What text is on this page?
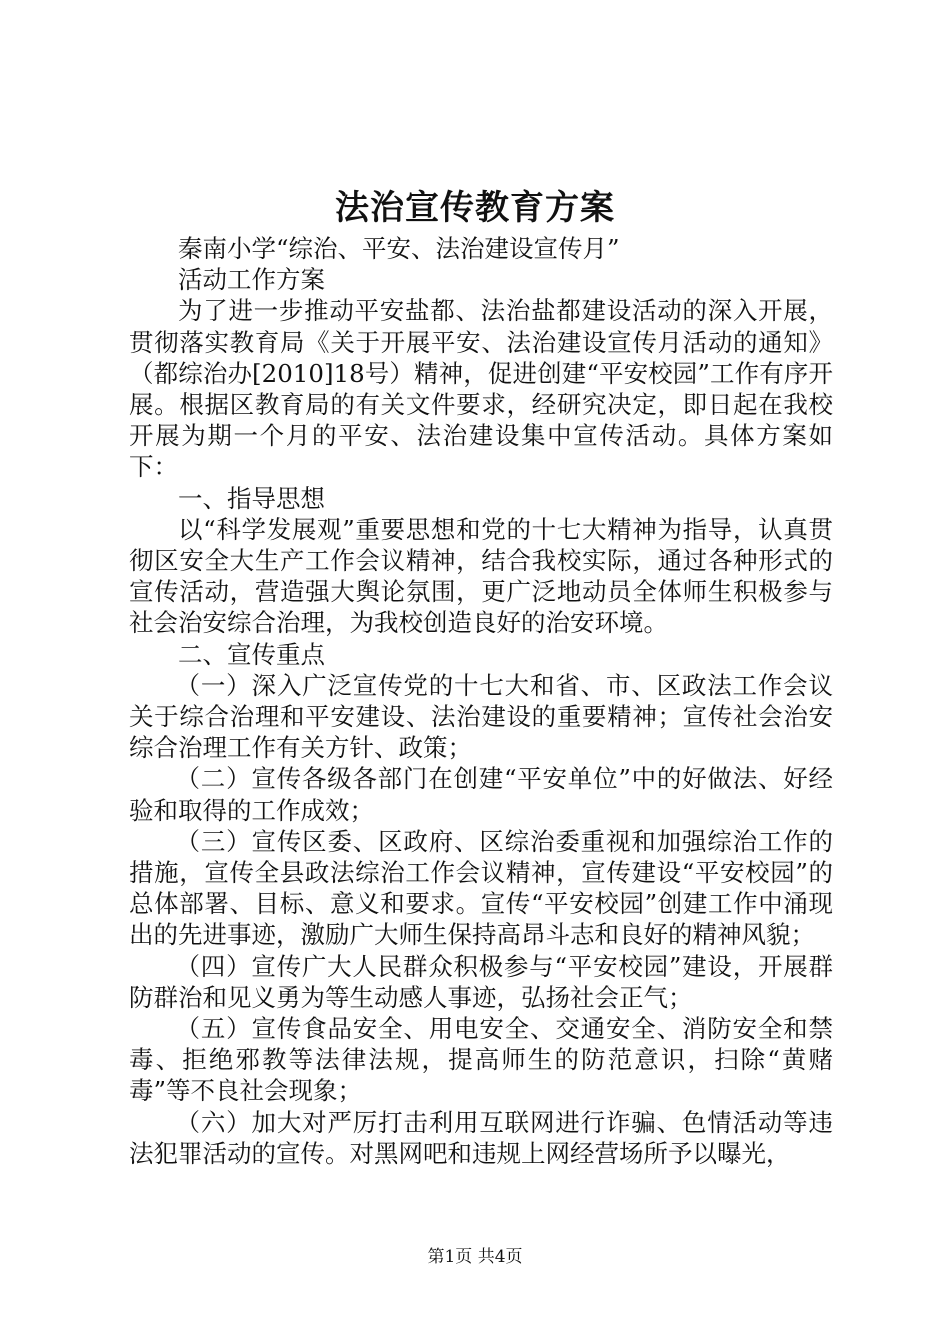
法治宣传教育方案

秦南小学“综治、平安、法治建设宣传月”

活动工作方案

为了进一步推动平安盐都、法治盐都建设活动的深入开展，贯彻落实教育局《关于开展平安、法治建设宣传月活动的通知》（都综治办[2010]18号）精神，促进创建“平安校园”工作有序开展。根据区教育局的有关文件要求，经研究决定，即日起在我校开展为期一个月的平安、法治建设集中宣传活动。具体方案如下：

一、指导思想

以“科学发展观”重要思想和党的十七大精神为指导，认真贯彻区安全大生产工作会议精神，结合我校实际，通过各种形式的宣传活动，营造强大舆论氛围，更广泛地动员全体师生积极参与社会治安综合治理，为我校创造良好的治安环境。

二、宣传重点

（一）深入广泛宣传党的十七大和省、市、区政法工作会议关于综合治理和平安建设、法治建设的重要精神；宣传社会治安综合治理工作有关方针、政策；

（二）宣传各级各部门在创建“平安单位”中的好做法、好经验和取得的工作成效；

（三）宣传区委、区政府、区综治委重视和加强综治工作的措施，宣传全县政法综治工作会议精神，宣传建设“平安校园”的总体部署、目标、意义和要求。宣传“平安校园”创建工作中涌现出的先进事迹，激励广大师生保持高昂斗志和良好的精神风貌；

（四）宣传广大人民群众积极参与“平安校园”建设，开展群防群治和见义勇为等生动感人事迹，弘扬社会正气；

（五）宣传食品安全、用电安全、交通安全、消防安全和禁毒、拒绝邪教等法律法规，提高师生的防范意识，扫除“黄赌毒”等不良社会现象；

（六）加大对严厉打击利用互联网进行诈骗、色情活动等违法犯罪活动的宣传。对黑网吧和违规上网经营场所予以曝光，

第1页 共4页
